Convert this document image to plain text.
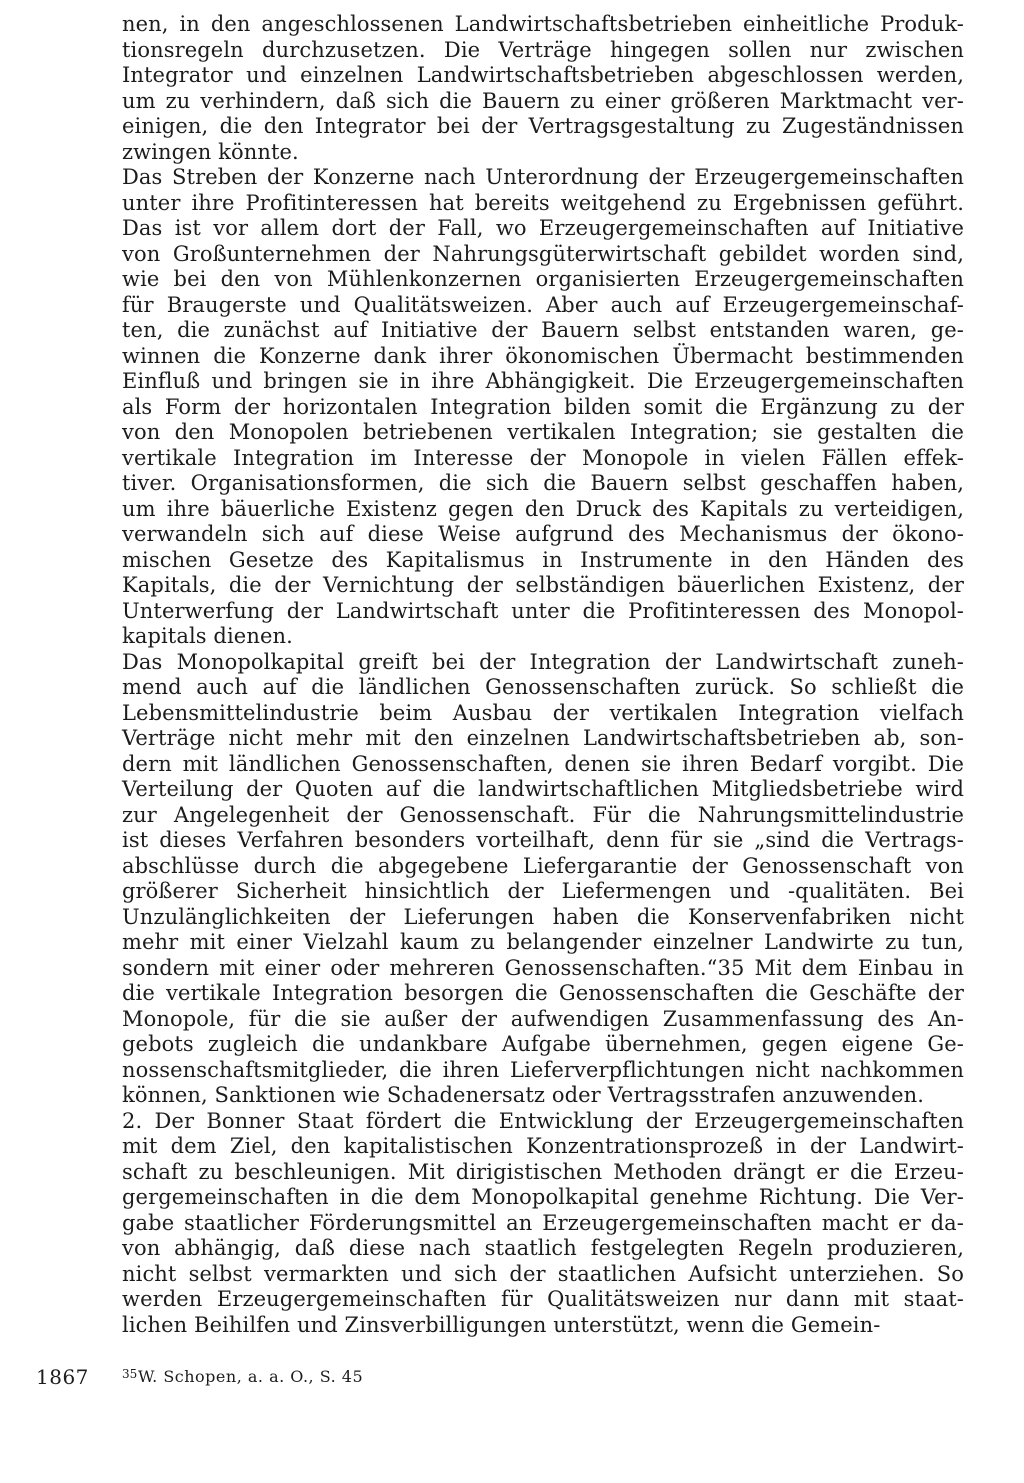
nen, in den angeschlossenen Landwirtschaftsbetrieben einheitliche Produk-
tionsregeln durchzusetzen. Die Verträge hingegen sollen nur zwischen
Integrator und einzelnen Landwirtschaftsbetrieben abgeschlossen werden,
um zu verhindern, daß sich die Bauern zu einer größeren Marktmacht ver-
einigen, die den Integrator bei der Vertragsgestaltung zu Zugeständnissen
zwingen könnte.
Das Streben der Konzerne nach Unterordnung der Erzeugergemeinschaften
unter ihre Profitinteressen hat bereits weitgehend zu Ergebnissen geführt.
Das ist vor allem dort der Fall, wo Erzeugergemeinschaften auf Initiative
von Großunternehmen der Nahrungsgüterwirtschaft gebildet worden sind,
wie bei den von Mühlenkonzernen organisierten Erzeugergemeinschaften
für Braugerste und Qualitätsweizen. Aber auch auf Erzeugergemeinschaf-
ten, die zunächst auf Initiative der Bauern selbst entstanden waren, ge-
winnen die Konzerne dank ihrer ökonomischen Übermacht bestimmenden
Einfluß und bringen sie in ihre Abhängigkeit. Die Erzeugergemeinschaften
als Form der horizontalen Integration bilden somit die Ergänzung zu der
von den Monopolen betriebenen vertikalen Integration; sie gestalten die
vertikale Integration im Interesse der Monopole in vielen Fällen effek-
tiver. Organisationsformen, die sich die Bauern selbst geschaffen haben,
um ihre bäuerliche Existenz gegen den Druck des Kapitals zu verteidigen,
verwandeln sich auf diese Weise aufgrund des Mechanismus der ökono-
mischen Gesetze des Kapitalismus in Instrumente in den Händen des
Kapitals, die der Vernichtung der selbständigen bäuerlichen Existenz, der
Unterwerfung der Landwirtschaft unter die Profitinteressen des Monopol-
kapitals dienen.
Das Monopolkapital greift bei der Integration der Landwirtschaft zuneh-
mend auch auf die ländlichen Genossenschaften zurück. So schließt die
Lebensmittelindustrie beim Ausbau der vertikalen Integration vielfach
Verträge nicht mehr mit den einzelnen Landwirtschaftsbetrieben ab, son-
dern mit ländlichen Genossenschaften, denen sie ihren Bedarf vorgibt. Die
Verteilung der Quoten auf die landwirtschaftlichen Mitgliedsbetriebe wird
zur Angelegenheit der Genossenschaft. Für die Nahrungsmittelindustrie
ist dieses Verfahren besonders vorteilhaft, denn für sie „sind die Vertrags-
abschlüsse durch die abgegebene Liefergarantie der Genossenschaft von
größerer Sicherheit hinsichtlich der Liefermengen und -qualitäten. Bei
Unzulänglichkeiten der Lieferungen haben die Konservenfabriken nicht
mehr mit einer Vielzahl kaum zu belangender einzelner Landwirte zu tun,
sondern mit einer oder mehreren Genossenschaften.“35 Mit dem Einbau in
die vertikale Integration besorgen die Genossenschaften die Geschäfte der
Monopole, für die sie außer der aufwendigen Zusammenfassung des An-
gebots zugleich die undankbare Aufgabe übernehmen, gegen eigene Ge-
nossenschaftsmitglieder, die ihren Lieferverpflichtungen nicht nachkommen
können, Sanktionen wie Schadenersatz oder Vertragsstrafen anzuwenden.
2. Der Bonner Staat fördert die Entwicklung der Erzeugergemeinschaften
mit dem Ziel, den kapitalistischen Konzentrationsprozeß in der Landwirt-
schaft zu beschleunigen. Mit dirigistischen Methoden drängt er die Erzeu-
gergemeinschaften in die dem Monopolkapital genehme Richtung. Die Ver-
gabe staatlicher Förderungsmittel an Erzeugergemeinschaften macht er da-
von abhängig, daß diese nach staatlich festgelegten Regeln produzieren,
nicht selbst vermarkten und sich der staatlichen Aufsicht unterziehen. So
werden Erzeugergemeinschaften für Qualitätsweizen nur dann mit staat-
lichen Beihilfen und Zinsverbilligungen unterstützt, wenn die Gemein-
1867	35 W. Schopen, a. a. O., S. 45
